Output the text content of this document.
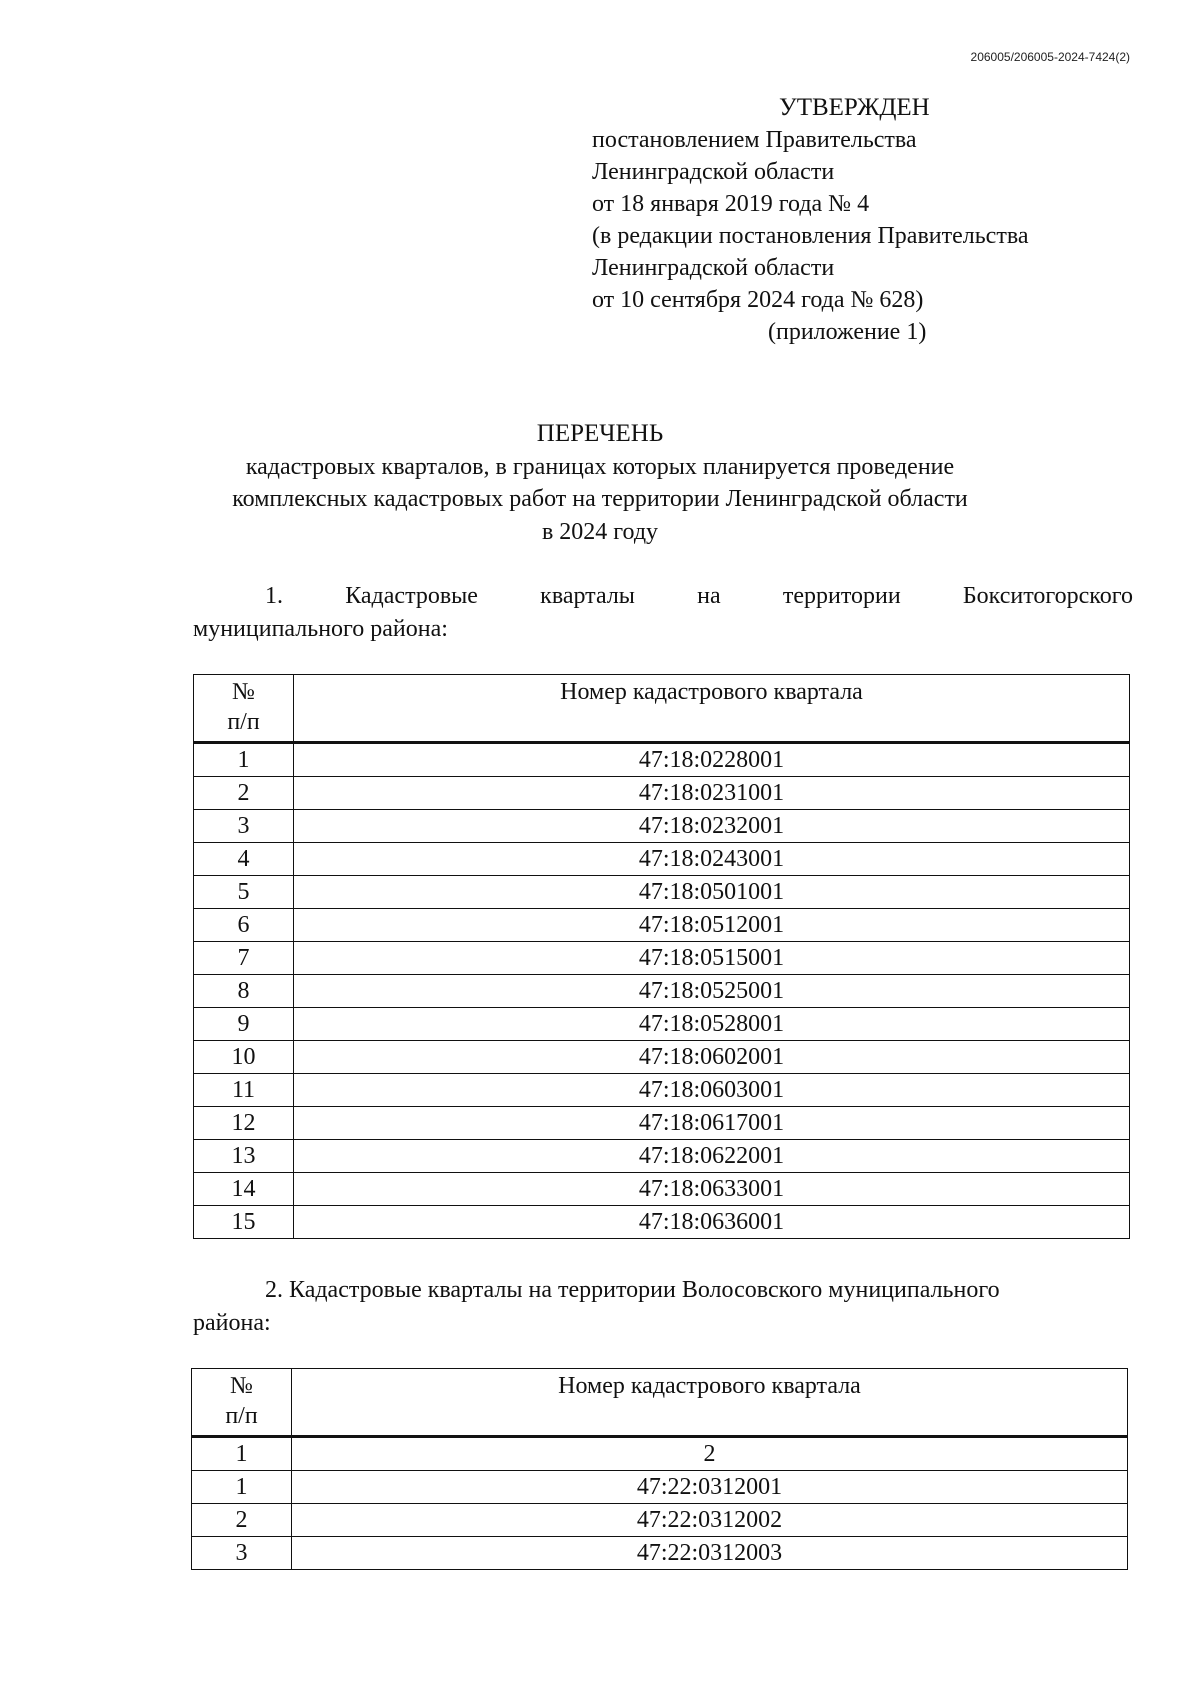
206005/206005-2024-7424(2)
УТВЕРЖДЕН
постановлением Правительства
Ленинградской области
от 18 января 2019 года № 4
(в редакции постановления Правительства
Ленинградской области
от 10 сентября 2024 года № 628)
(приложение 1)
ПЕРЕЧЕНЬ
кадастровых кварталов, в границах которых планируется проведение
комплексных кадастровых работ на территории Ленинградской области
в 2024 году
1.	Кадастровые	кварталы	на	территории	Бокситогорского
муниципального района:
№
п/п	Номер кадастрового квартала
1	47:18:0228001
2	47:18:0231001
3	47:18:0232001
4	47:18:0243001
5	47:18:0501001
6	47:18:0512001
7	47:18:0515001
8	47:18:0525001
9	47:18:0528001
10	47:18:0602001
11	47:18:0603001
12	47:18:0617001
13	47:18:0622001
14	47:18:0633001
15	47:18:0636001
2. Кадастровые кварталы на территории Волосовского муниципального
района:
№
п/п	Номер кадастрового квартала
1	2
1	47:22:0312001
2	47:22:0312002
3	47:22:0312003
